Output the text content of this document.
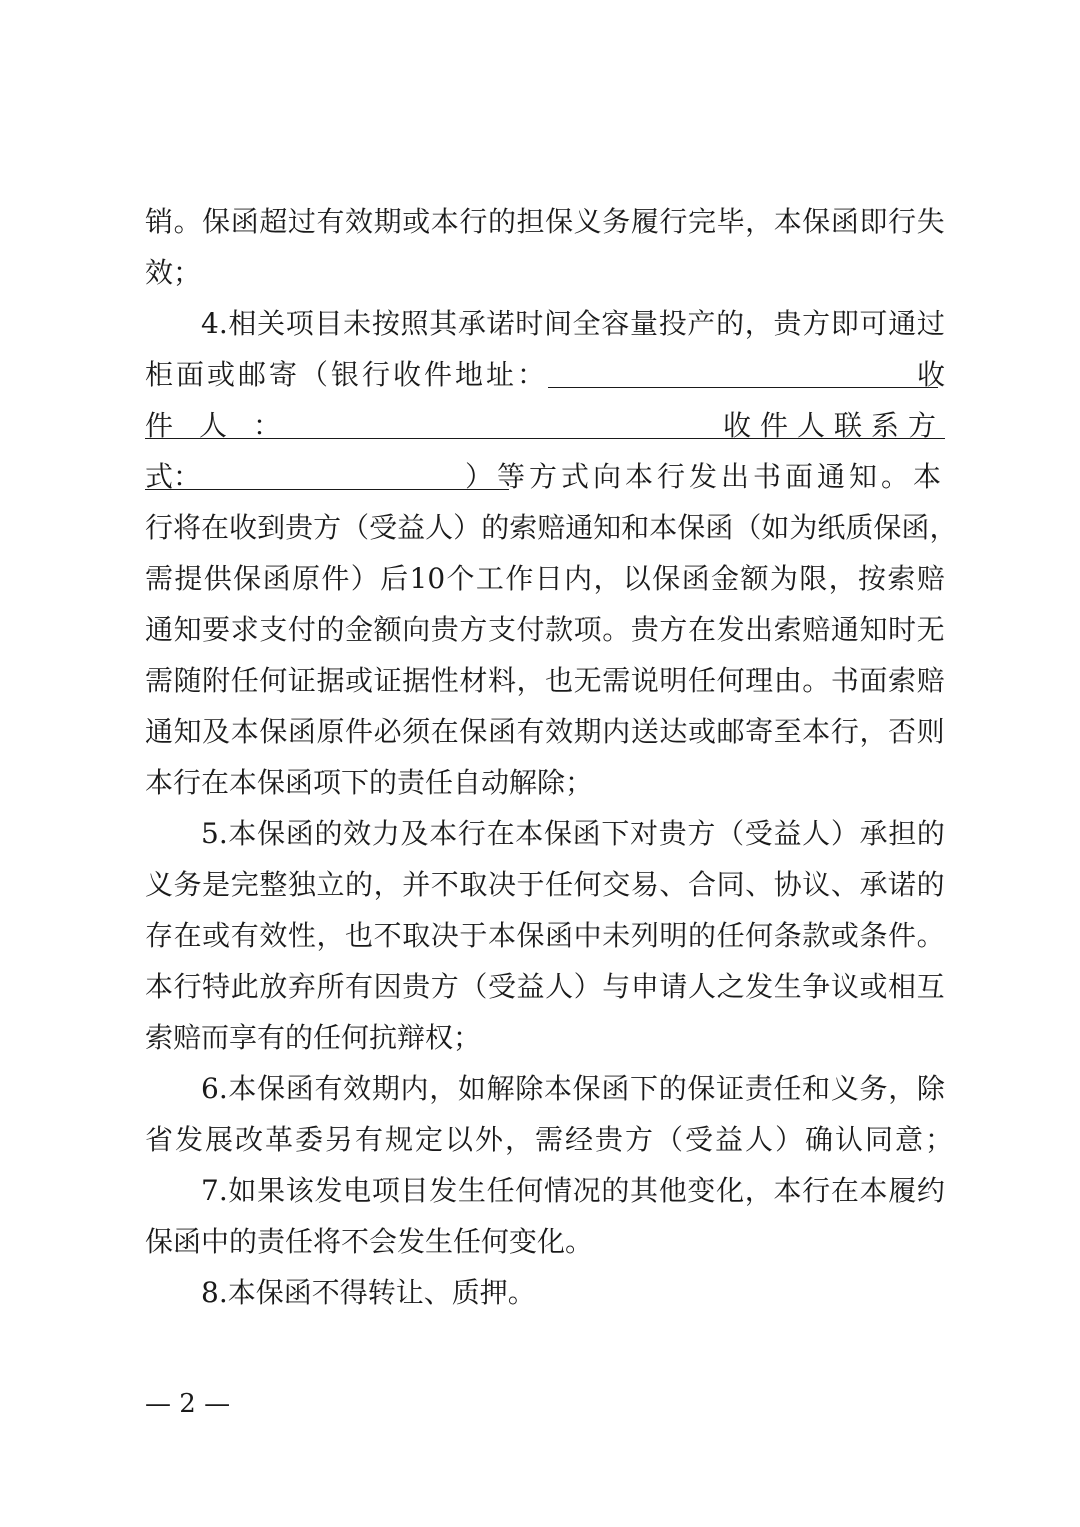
销 。 保 函 超 过 有 效 期 或 本 行 的 担 保 义 务 履 行 完 毕 ， 本 保 函 即 行 失
效；
4. 相 关 项 目 未 按 照 其 承 诺 时 间 全 容 量 投 产 的 ， 贵 方 即 可 通 过
柜面或邮寄（银行收件地址：	收
件人：	收件人联系方
式：	）等方式向本行发出书面通知。本
行 将 在 收 到 贵 方 （ 受 益 人 ） 的 索 赔 通 知 和 本 保 函 （ 如 为 纸 质 保 函 ，
需 提 供 保 函 原 件 ） 后 10 个 工 作 日 内 ， 以 保 函 金 额 为 限 ， 按 索 赔
通 知 要 求 支 付 的 金 额 向 贵 方 支 付 款 项 。 贵 方 在 发 出 索 赔 通 知 时 无
需 随 附 任 何 证 据 或 证 据 性 材 料 ， 也 无 需 说 明 任 何 理 由 。 书 面 索 赔
通 知 及 本 保 函 原 件 必 须 在 保 函 有 效 期 内 送 达 或 邮 寄 至 本 行 ， 否 则
本行在本保函项下的责任自动解除；
5. 本 保 函 的 效 力 及 本 行 在 本 保 函 下 对 贵 方 （ 受 益 人 ） 承 担 的
义 务 是 完 整 独 立 的 ， 并 不 取 决 于 任 何 交 易 、 合 同 、 协 议 、 承 诺 的
存 在 或 有 效 性 ， 也 不 取 决 于 本 保 函 中 未 列 明 的 任 何 条 款 或 条 件 。
本 行 特 此 放 弃 所 有 因 贵 方 （ 受 益 人 ） 与 申 请 人 之 发 生 争 议 或 相 互
索赔而享有的任何抗辩权；
6. 本 保 函 有 效 期 内 ， 如 解 除 本 保 函 下 的 保 证 责 任 和 义 务 ， 除
省发展改革委另有规定以外，需经贵方（受益人）确认同意；
7. 如 果 该 发 电 项 目 发 生 任 何 情 况 的 其 他 变 化 ， 本 行 在 本 履 约
保函中的责任将不会发生任何变化。
8.本保函不得转让、质押。
— 2 —
